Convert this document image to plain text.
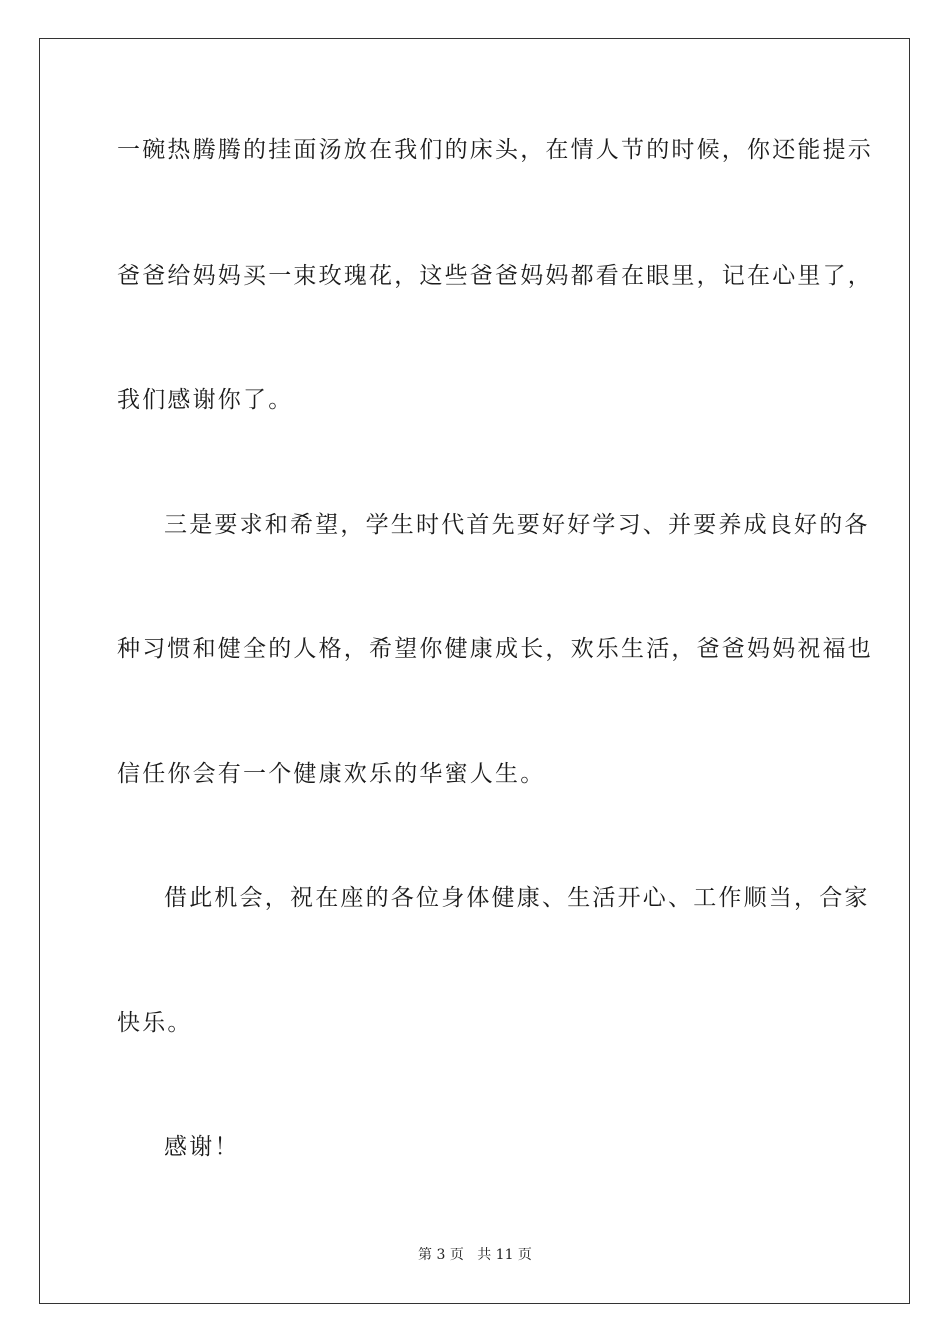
一碗热腾腾的挂面汤放在我们的床头，在情人节的时候，你还能提示
爸爸给妈妈买一束玫瑰花，这些爸爸妈妈都看在眼里，记在心里了，
我们感谢你了。
三是要求和希望，学生时代首先要好好学习、并要养成良好的各
种习惯和健全的人格，希望你健康成长，欢乐生活，爸爸妈妈祝福也
信任你会有一个健康欢乐的华蜜人生。
借此机会，祝在座的各位身体健康、生活开心、工作顺当，合家
快乐。
感谢！
第 3 页 共 11 页
